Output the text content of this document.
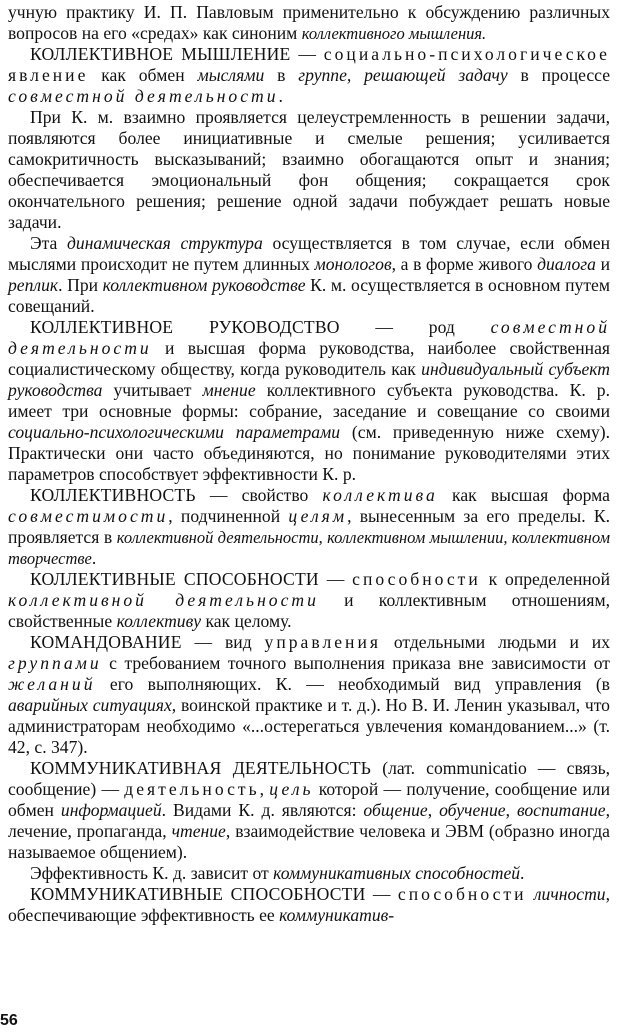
учную практику И. П. Павловым применительно к обсуждению различных вопросов на его «средах» как синоним коллективного мышления.

КОЛЛЕКТИВНОЕ МЫШЛЕНИЕ — социально-психологическое явление как обмен мыслями в группе, решающей задачу в процессе совместной деятельности.

При К. м. взаимно проявляется целеустремленность в решении задачи, появляются более инициативные и смелые решения; усиливается самокритичность высказываний; взаимно обогащаются опыт и знания; обеспечивается эмоциональный фон общения; сокращается срок окончательного решения; решение одной задачи побуждает решать новые задачи.

Эта динамическая структура осуществляется в том случае, если обмен мыслями происходит не путем длинных монологов, а в форме живого диалога и реплик. При коллективном руководстве К. м. осуществляется в основном путем совещаний.

КОЛЛЕКТИВНОЕ РУКОВОДСТВО — род совместной деятельности и высшая форма руководства, наиболее свойственная социалистическому обществу, когда руководитель как индивидуальный субъект руководства учитывает мнение коллективного субъекта руководства. К. р. имеет три основные формы: собрание, заседание и совещание со своими социально-психологическими параметрами (см. приведенную ниже схему). Практически они часто объединяются, но понимание руководителями этих параметров способствует эффективности К. р.

КОЛЛЕКТИВНОСТЬ — свойство коллектива как высшая форма совместимости, подчиненной целям, вынесенным за его пределы. К. проявляется в коллективной деятельности, коллективном мышлении, коллективном творчестве.

КОЛЛЕКТИВНЫЕ СПОСОБНОСТИ — способности к определенной коллективной деятельности и коллективным отношениям, свойственные коллективу как целому.

КОМАНДОВАНИЕ — вид управления отдельными людьми и их группами с требованием точного выполнения приказа вне зависимости от желаний его выполняющих. К. — необходимый вид управления (в аварийных ситуациях, воинской практике и т. д.). Но В. И. Ленин указывал, что администраторам необходимо «...остерегаться увлечения командованием...» (т. 42, с. 347).

КОММУНИКАТИВНАЯ ДЕЯТЕЛЬНОСТЬ (лат. communicatio — связь, сообщение) — деятельность, цель которой — получение, сообщение или обмен информацией. Видами К. д. являются: общение, обучение, воспитание, лечение, пропаганда, чтение, взаимодействие человека и ЭВМ (образно иногда называемое общением).

Эффективность К. д. зависит от коммуникативных способностей.

КОММУНИКАТИВНЫЕ СПОСОБНОСТИ — способности личности, обеспечивающие эффективность ее коммуникатив-

56
